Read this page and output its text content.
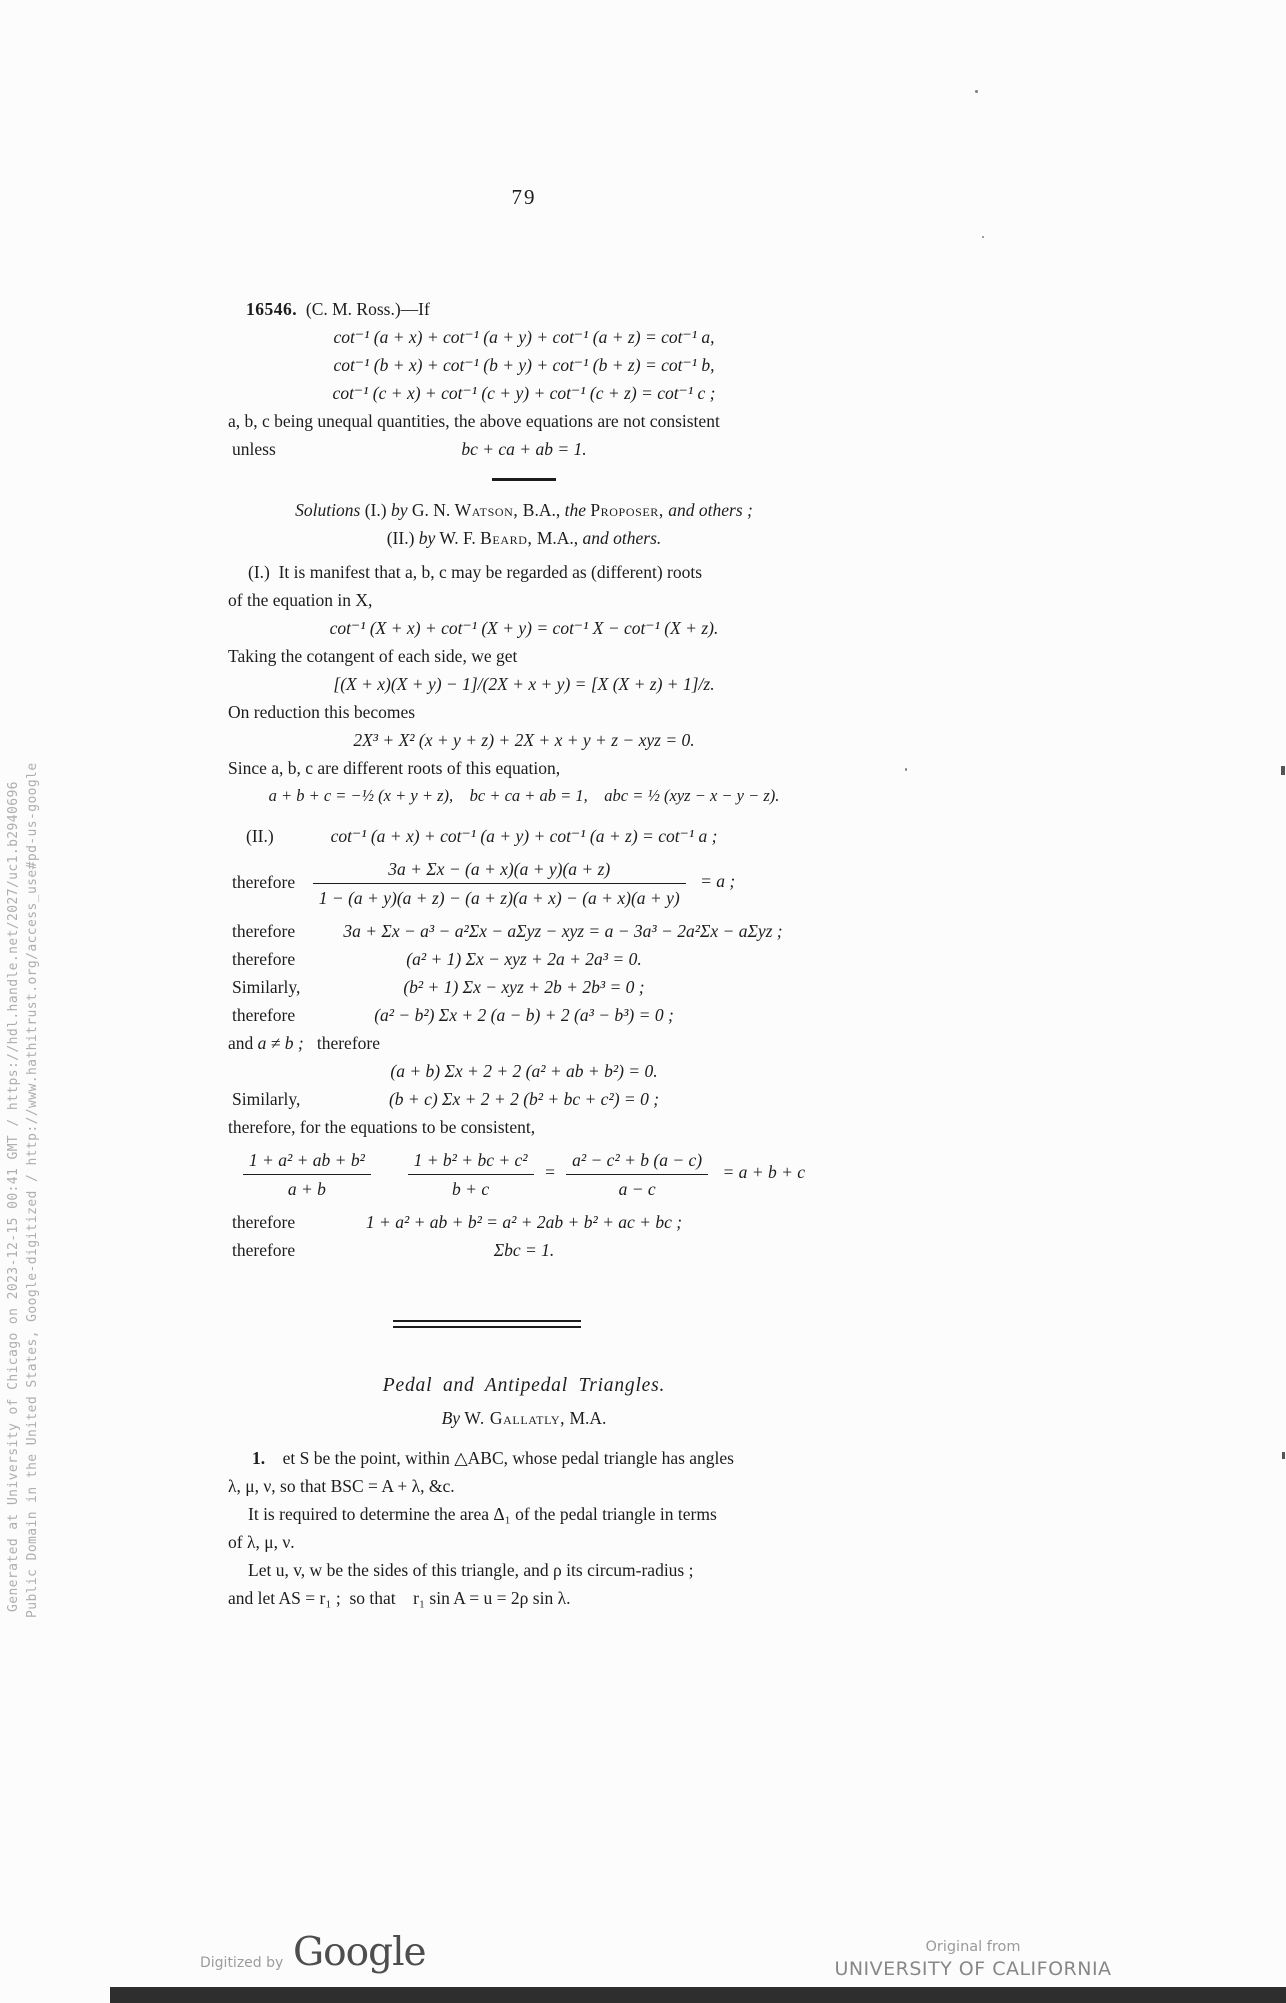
Generated at University of Chicago on 2023-12-15 00:41 GMT / https://hdl.handle.net/2027/uc1.b2940696 Public Domain in the United States, Google-digitized / http://www.hathitrust.org/access_use#pd-us-google
79

16546. (C. M. Ross.)—If

cot⁻¹ (a + x) + cot⁻¹ (a + y) + cot⁻¹ (a + z) = cot⁻¹ a,
cot⁻¹ (b + x) + cot⁻¹ (b + y) + cot⁻¹ (b + z) = cot⁻¹ b,
cot⁻¹ (c + x) + cot⁻¹ (c + y) + cot⁻¹ (c + z) = cot⁻¹ c ;
a, b, c being unequal quantities, the above equations are not consistent
unless	bc + ca + ab = 1.
Solutions (I.) by G. N. Watson, B.A., the Proposer, and others ;
(II.) by W. F. Beard, M.A., and others.
(I.) It is manifest that a, b, c may be regarded as (different) roots
of the equation in X,
cot⁻¹ (X + x) + cot⁻¹ (X + y) = cot⁻¹ X − cot⁻¹ (X + z).
Taking the cotangent of each side, we get
[(X + x)(X + y) − 1]/(2X + x + y) = [X (X + z) + 1]/z.
On reduction this becomes
2X³ + X² (x + y + z) + 2X + x + y + z − xyz = 0.
Since a, b, c are different roots of this equation,
a + b + c = −½ (x + y + z), bc + ca + ab = 1, abc = ½ (xyz − x − y − z).
(II.)	cot⁻¹ (a + x) + cot⁻¹ (a + y) + cot⁻¹ (a + z) = cot⁻¹ a ;
therefore $\frac{3a + \Sigma x - (a + x)(a + y)(a + z)}{1 - (a + y)(a + z) - (a + z)(a + x) - (a + x)(a + y)} = a$ ;
therefore	3a + Σx − a³ − a²Σx − aΣyz − xyz = a − 3a³ − 2a²Σx − aΣyz ;
therefore	(a² + 1) Σx − xyz + 2a + 2a³ = 0.
Similarly,	(b² + 1) Σx − xyz + 2b + 2b³ = 0 ;
therefore	(a² − b²) Σx + 2 (a − b) + 2 (a³ − b³) = 0 ;
and a ≠ b ;  therefore
(a + b) Σx + 2 + 2 (a² + ab + b²) = 0.
Similarly,	(b + c) Σx + 2 + 2 (b² + bc + c²) = 0 ;
therefore, for the equations to be consistent,
$\frac{\text{1 + a² + ab + b²}}{a + b}$
$\frac{\text{1 + b² + bc + c²}}{b + c} = \frac{\text{a² − c² + b (a − c)}}{a - c} = a + b + c$
therefore	1 + a² + ab + b² = a² + 2ab + b² + ac + bc ;
therefore	Σbc = 1.
Pedal and Antipedal Triangles.
By W. Gallatly, M.A.
1.  et S be the point, within △ABC, whose pedal triangle has angles
λ, μ, ν, so that BSC = A + λ, &c.
It is required to determine the area Δ₁ of the pedal triangle in terms
of λ, μ, ν.
Let u, v, w be the sides of this triangle, and ρ its circum-radius ;
and let AS = r₁ ; so that r₁ sin A = u = 2ρ sin λ.
Digitized by Google	Original from
UNIVERSITY OF CALIFORNIA
